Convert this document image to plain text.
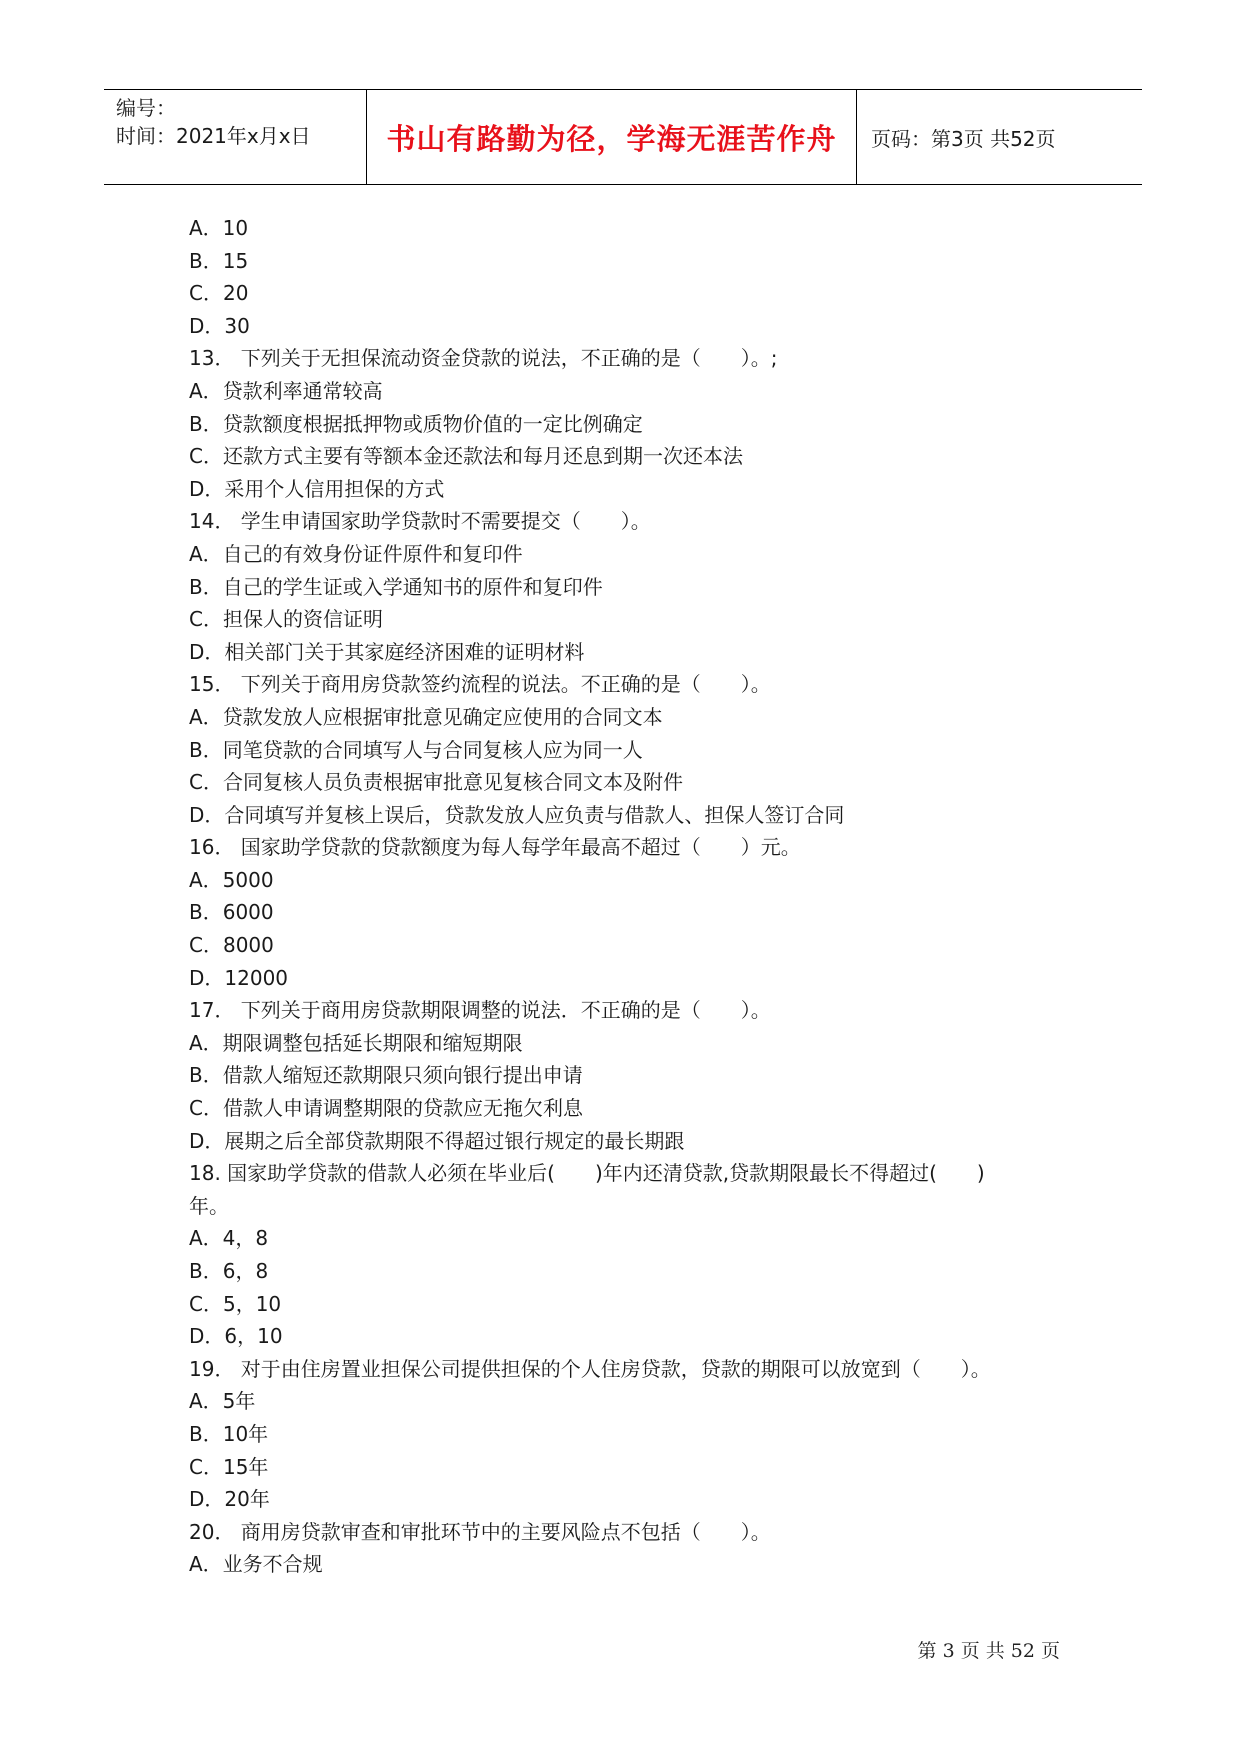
编号：
时间：2021年x月x日	书山有路勤为径，学海无涯苦作舟	页码：第3页 共52页

A．10

B．15

C．20

D．30

13． 下列关于无担保流动资金贷款的说法，不正确的是（　　）。;

A．贷款利率通常较高

B．贷款额度根据抵押物或质物价值的一定比例确定

C．还款方式主要有等额本金还款法和每月还息到期一次还本法

D．采用个人信用担保的方式

14． 学生申请国家助学贷款时不需要提交（　　）。

A．自己的有效身份证件原件和复印件

B．自己的学生证或入学通知书的原件和复印件

C．担保人的资信证明

D．相关部门关于其家庭经济困难的证明材料

15． 下列关于商用房贷款签约流程的说法。不正确的是（　　）。

A．贷款发放人应根据审批意见确定应使用的合同文本

B．同笔贷款的合同填写人与合同复核人应为同一人

C．合同复核人员负责根据审批意见复核合同文本及附件

D．合同填写并复核上误后，贷款发放人应负责与借款人、担保人签订合同

16． 国家助学贷款的贷款额度为每人每学年最高不超过（　　）元。

A．5000

B．6000

C．8000

D．12000

17． 下列关于商用房贷款期限调整的说法．不正确的是（　　）。

A．期限调整包括延长期限和缩短期限

B．借款人缩短还款期限只须向银行提出申请

C．借款人申请调整期限的贷款应无拖欠利息

D．展期之后全部贷款期限不得超过银行规定的最长期跟

18. 国家助学贷款的借款人必须在毕业后(　　)年内还清贷款,贷款期限最长不得超过(　　)

年。

A．4，8

B．6，8

C．5，10

D．6，10

19． 对于由住房置业担保公司提供担保的个人住房贷款，贷款的期限可以放宽到（　　）。

A．5年

B．10年

C．15年

D．20年

20． 商用房贷款审查和审批环节中的主要风险点不包括（　　）。

A．业务不合规

第 3 页 共 52 页
